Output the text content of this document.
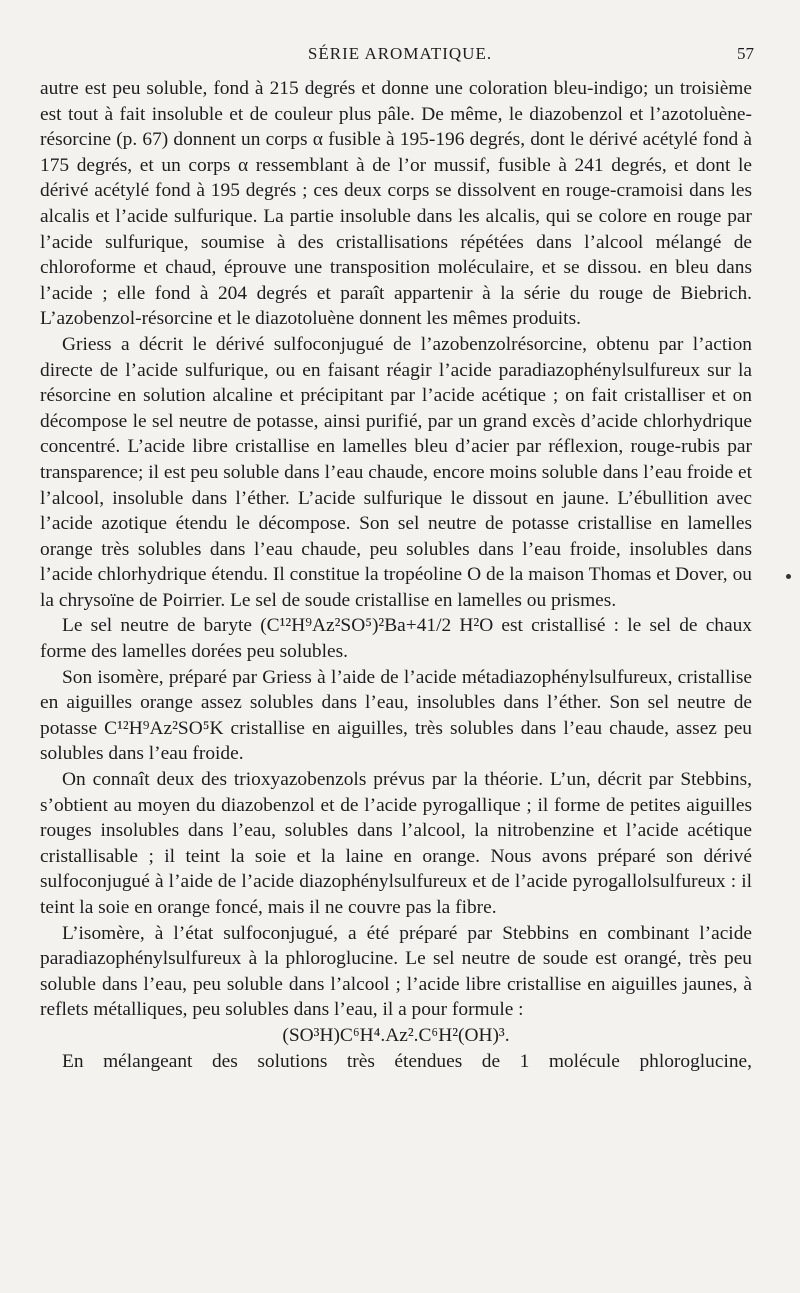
SÉRIE AROMATIQUE.	57

autre est peu soluble, fond à 215 degrés et donne une coloration bleu-indigo; un troisième est tout à fait insoluble et de couleur plus pâle. De même, le diazobenzol et l’azotoluène-résorcine (p. 67) donnent un corps α fusible à 195-196 degrés, dont le dérivé acétylé fond à 175 degrés, et un corps α ressemblant à de l’or mussif, fusible à 241 degrés, et dont le dérivé acétylé fond à 195 degrés ; ces deux corps se dissolvent en rouge-cramoisi dans les alcalis et l’acide sulfurique. La partie insoluble dans les alcalis, qui se colore en rouge par l’acide sulfurique, soumise à des cristallisations répétées dans l’alcool mélangé de chloroforme et chaud, éprouve une transposition moléculaire, et se dissou. en bleu dans l’acide ; elle fond à 204 degrés et paraît appartenir à la série du rouge de Biebrich. L’azobenzol-résorcine et le diazotoluène donnent les mêmes produits.

Griess a décrit le dérivé sulfoconjugué de l’azobenzolrésorcine, obtenu par l’action directe de l’acide sulfurique, ou en faisant réagir l’acide paradiazophénylsulfureux sur la résorcine en solution alcaline et précipitant par l’acide acétique ; on fait cristalliser et on décompose le sel neutre de potasse, ainsi purifié, par un grand excès d’acide chlorhydrique concentré. L’acide libre cristallise en lamelles bleu d’acier par réflexion, rouge-rubis par transparence; il est peu soluble dans l’eau chaude, encore moins soluble dans l’eau froide et l’alcool, insoluble dans l’éther. L’acide sulfurique le dissout en jaune. L’ébullition avec l’acide azotique étendu le décompose. Son sel neutre de potasse cristallise en lamelles orange très solubles dans l’eau chaude, peu solubles dans l’eau froide, insolubles dans l’acide chlorhydrique étendu. Il constitue la tropéoline O de la maison Thomas et Dover, ou la chrysoïne de Poirrier. Le sel de soude cristallise en lamelles ou prismes.

Le sel neutre de baryte (C¹²H⁹Az²SO⁵)²Ba+41/2 H²O est cristallisé : le sel de chaux forme des lamelles dorées peu solubles.

Son isomère, préparé par Griess à l’aide de l’acide métadiazophénylsulfureux, cristallise en aiguilles orange assez solubles dans l’eau, insolubles dans l’éther. Son sel neutre de potasse C¹²H⁹Az²SO⁵K cristallise en aiguilles, très solubles dans l’eau chaude, assez peu solubles dans l’eau froide.

On connaît deux des trioxyazobenzols prévus par la théorie. L’un, décrit par Stebbins, s’obtient au moyen du diazobenzol et de l’acide pyrogallique ; il forme de petites aiguilles rouges insolubles dans l’eau, solubles dans l’alcool, la nitrobenzine et l’acide acétique cristallisable ; il teint la soie et la laine en orange. Nous avons préparé son dérivé sulfoconjugué à l’aide de l’acide diazophénylsulfureux et de l’acide pyrogallolsulfureux : il teint la soie en orange foncé, mais il ne couvre pas la fibre.

L’isomère, à l’état sulfoconjugué, a été préparé par Stebbins en combinant l’acide paradiazophénylsulfureux à la phloroglucine. Le sel neutre de soude est orangé, très peu soluble dans l’eau, peu soluble dans l’alcool ; l’acide libre cristallise en aiguilles jaunes, à reflets métalliques, peu solubles dans l’eau, il a pour formule :

(SO³H)C⁶H⁴.Az².C⁶H²(OH)³.

En mélangeant des solutions très étendues de 1 molécule phloroglucine,
